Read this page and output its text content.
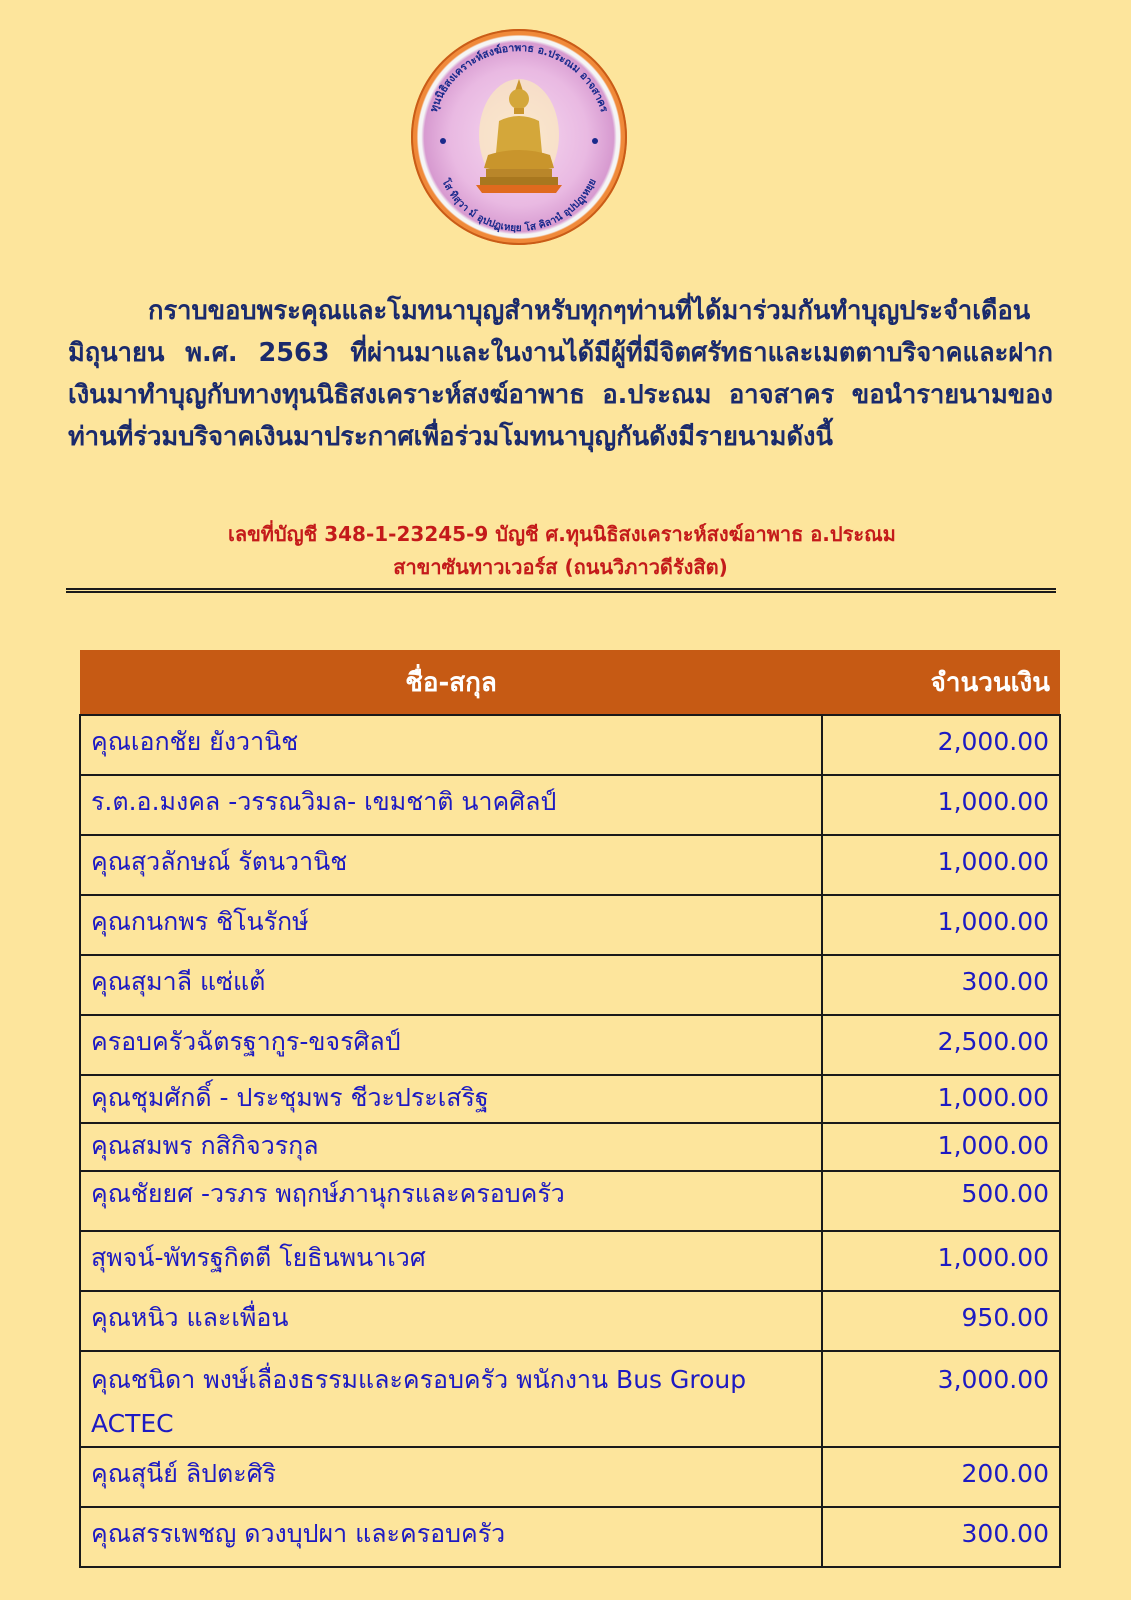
ทุนนิธิสงเคราะห์สงฆ์อาพาธ อ.ประณม อาจสาคร
โส ทิสุวา ม์ อุปปฏฺเหยฺย โส คิลานํ อุปปฏฺเหยฺย

กราบขอบพระคุณและโมทนาบุญสำหรับทุกๆท่านที่ได้มาร่วมกันทำบุญประจำเดือน มิถุนายน พ.ศ. 2563 ที่ผ่านมาและในงานได้มีผู้ที่มีจิตศรัทธาและเมตตาบริจาคและฝากเงินมาทำบุญกับทางทุนนิธิสงเคราะห์สงฆ์อาพาธ อ.ประณม อาจสาคร ขอนำรายนามของท่านที่ร่วมบริจาคเงินมาประกาศเพื่อร่วมโมทนาบุญกันดังมีรายนามดังนี้

เลขที่บัญชี 348-1-23245-9 บัญชี ศ.ทุนนิธิสงเคราะห์สงฆ์อาพาธ อ.ประณม
สาขาซันทาวเวอร์ส (ถนนวิภาวดีรังสิต)

ชื่อ-สกุล	จำนวนเงิน
คุณเอกชัย ยังวานิช	2,000.00
ร.ต.อ.มงคล -วรรณวิมล- เขมชาติ นาคศิลป์	1,000.00
คุณสุวลักษณ์ รัตนวานิช	1,000.00
คุณกนกพร ชิโนรักษ์	1,000.00
คุณสุมาลี แซ่แต้	300.00
ครอบครัวฉัตรฐากูร-ขจรศิลป์	2,500.00
คุณชุมศักดิ์ - ประชุมพร ชีวะประเสริฐ	1,000.00
คุณสมพร กสิกิจวรกุล	1,000.00
คุณชัยยศ -วรภร พฤกษ์ภานุกรและครอบครัว	500.00
สุพจน์-พัทรฐกิตตี โยธินพนาเวศ	1,000.00
คุณหนิว และเพื่อน	950.00
คุณชนิดา พงษ์เลื่องธรรมและครอบครัว พนักงาน Bus Group ACTEC	3,000.00
คุณสุนีย์ ลิปตะศิริ	200.00
คุณสรรเพชญ ดวงบุปผา และครอบครัว	300.00
